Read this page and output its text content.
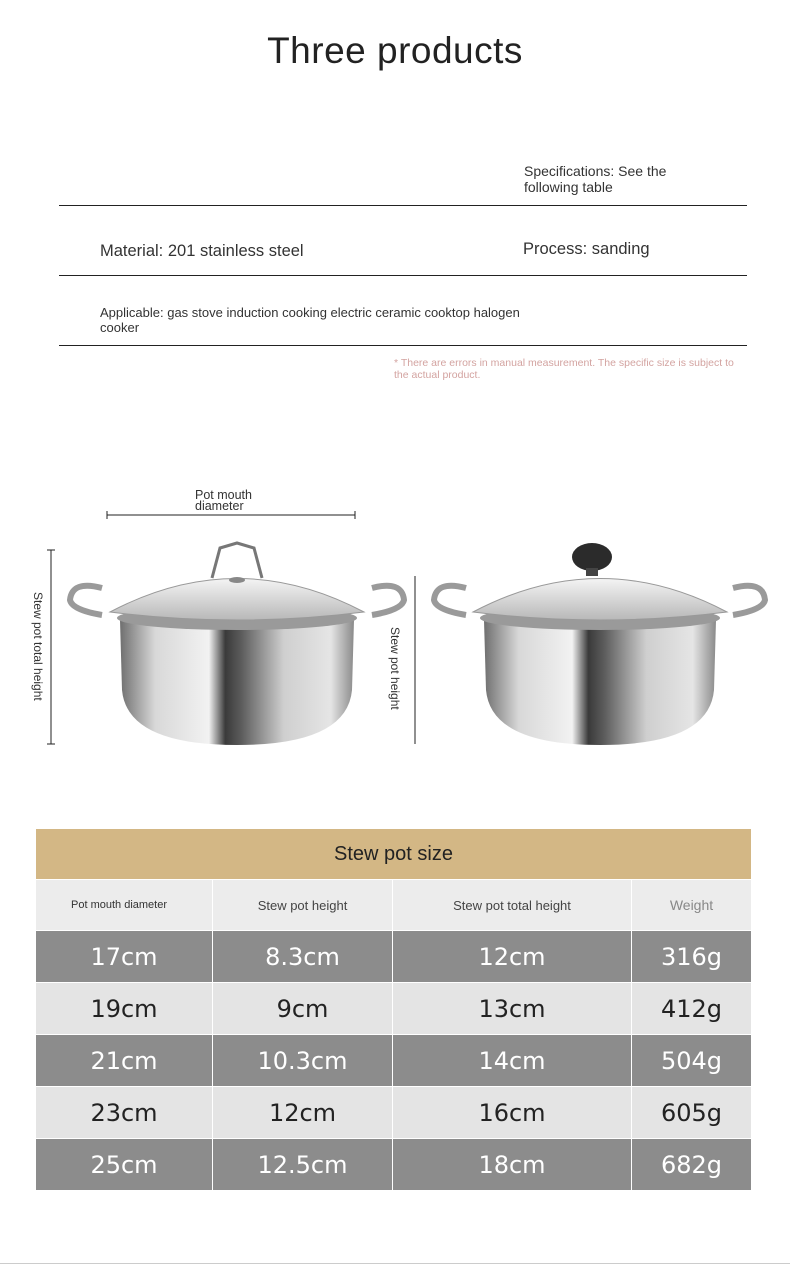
Three products
Specifications: See the following table
Material: 201 stainless steel	Process: sanding
Applicable: gas stove induction cooking electric ceramic cooktop halogen cooker
* There are errors in manual measurement. The specific size is subject to the actual product.
Pot mouth diameter
Stew pot total height	Stew pot height
Stew pot size
Pot mouth diameter	Stew pot height	Stew pot total height	Weight
17cm	8.3cm	12cm	316g
19cm	9cm	13cm	412g
21cm	10.3cm	14cm	504g
23cm	12cm	16cm	605g
25cm	12.5cm	18cm	682g
